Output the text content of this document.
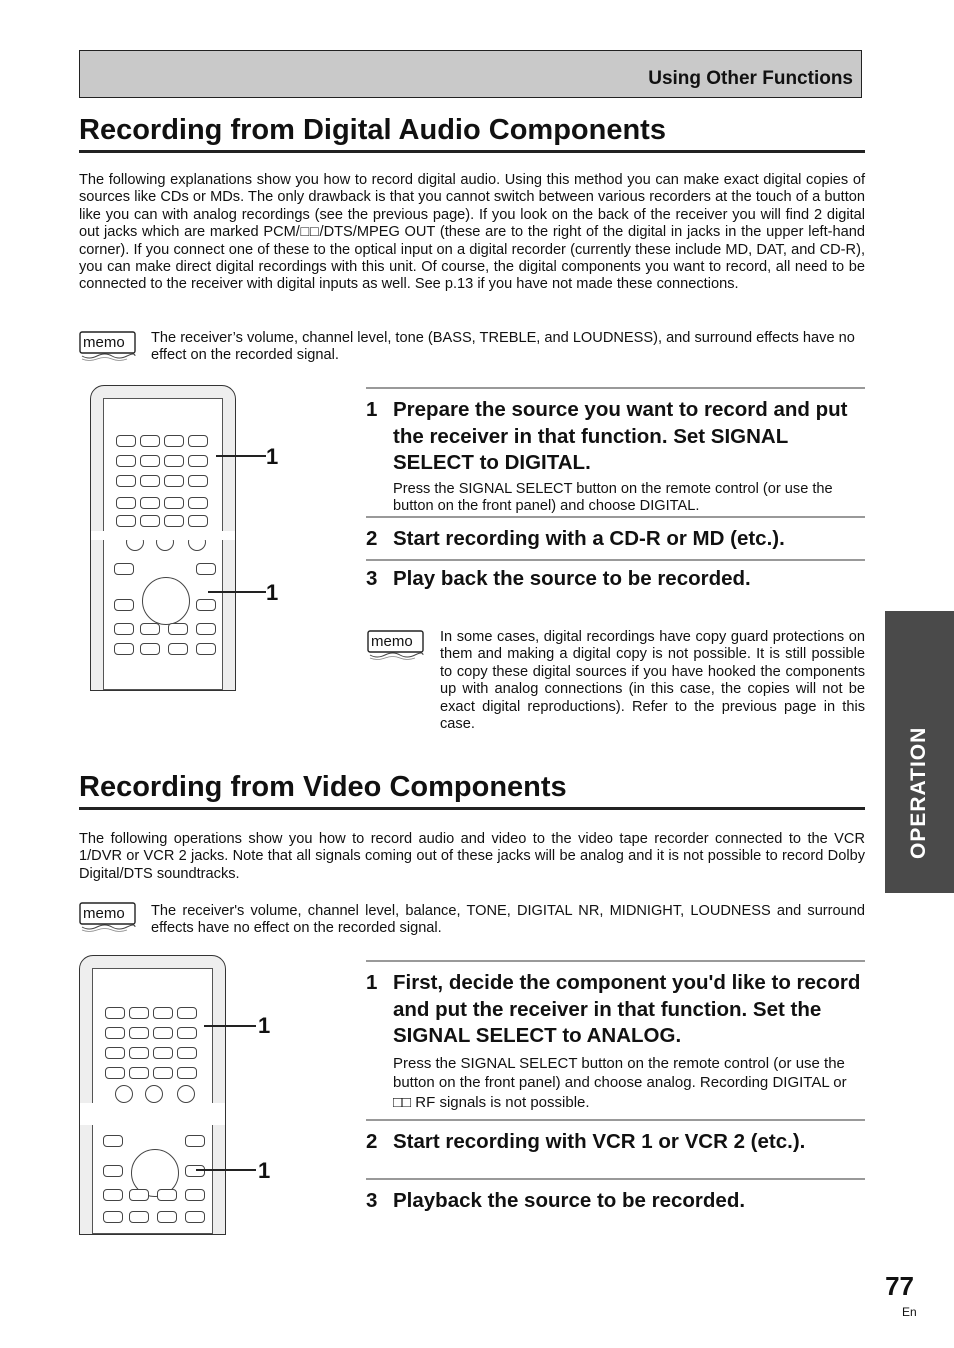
Using Other Functions
Recording from Digital Audio Components
The following explanations show you how to record digital audio. Using this method you can make exact digital copies of sources like CDs or MDs. The only drawback is that you cannot switch between various recorders at the touch of a button like you can with analog recordings (see the previous page). If you look on the back of the receiver you will find 2 digital out jacks which are marked PCM/□□/DTS/MPEG OUT (these are to the right of the digital in jacks in the upper left-hand corner). If you connect one of these to the optical input on a digital recorder (currently these include MD, DAT, and CD-R), you can make direct digital recordings with this unit. Of course, the digital components you want to record, all need to be connected to the receiver with digital inputs as well. See p.13 if you have not made these connections.
memo The receiver’s volume, channel level, tone (BASS, TREBLE, and LOUDNESS), and surround effects have no effect on the recorded signal.
1
1
1 Prepare the source you want to record and put the receiver in that function. Set SIGNAL SELECT to DIGITAL.
Press the SIGNAL SELECT button on the remote control (or use the button on the front panel) and choose DIGITAL.
2 Start recording with a CD-R or MD (etc.).
3 Play back the source to be recorded.
memo In some cases, digital recordings have copy guard protections on them and making a digital copy is not possible. It is still possible to copy these digital sources if you have hooked the components up with analog connections (in this case, the copies will not be exact digital reproductions). Refer to the previous page in this case.
Recording from Video Components
The following operations show you how to record audio and video to the video tape recorder connected to the VCR 1/DVR or VCR 2 jacks. Note that all signals coming out of these jacks will be analog and it is not possible to record Dolby Digital/DTS soundtracks.
memo The receiver's volume, channel level, balance, TONE, DIGITAL NR, MIDNIGHT, LOUDNESS and surround effects have no effect on the recorded signal.
1
1
1 First, decide the component you'd like to record and put the receiver in that function. Set the SIGNAL SELECT to ANALOG.
Press the SIGNAL SELECT button on the remote control (or use the button on the front panel) and choose analog. Recording DIGITAL or □□ RF signals is not possible.
2 Start recording with VCR 1 or VCR 2 (etc.).
3 Playback the source to be recorded.
OPERATION
77
En
